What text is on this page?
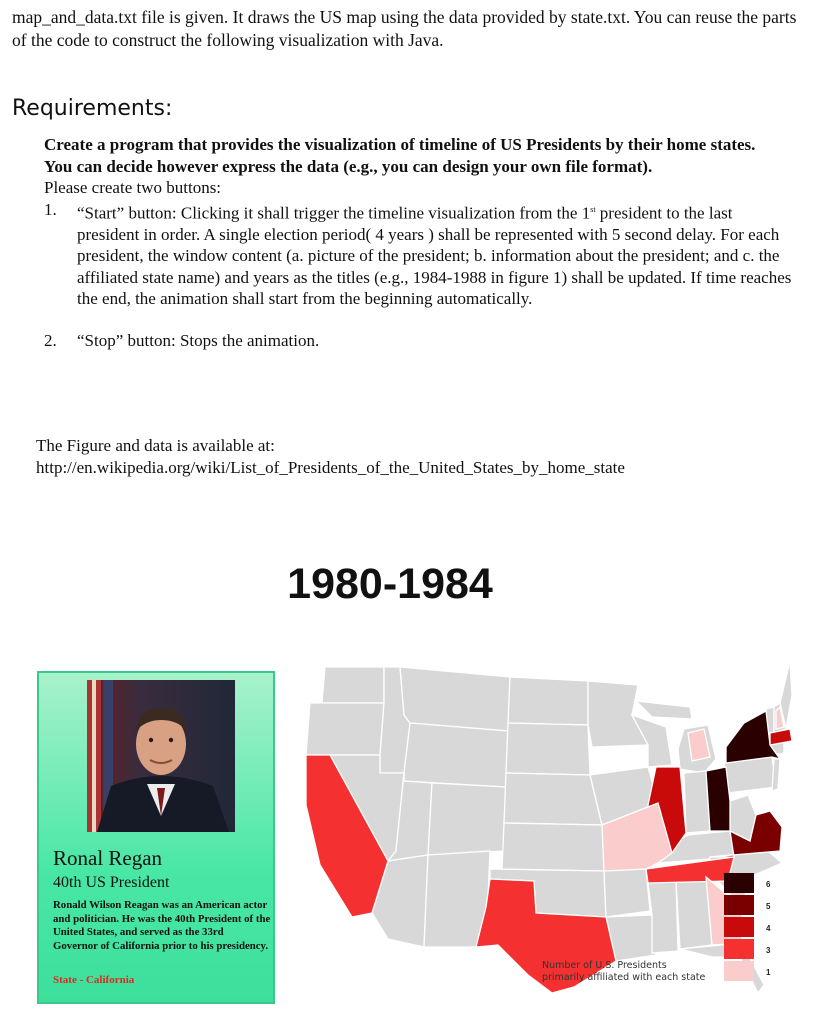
map_and_data.txt file is given. It draws the US map using the data provided by state.txt. You can reuse the parts of the code to construct the following visualization with Java.

Requirements:

Create a program that provides the visualization of timeline of US Presidents by their home states.

You can decide however express the data (e.g., you can design your own file format).

Please create two buttons:

1. “Start” button: Clicking it shall trigger the timeline visualization from the 1st president to the last president in order. A single election period( 4 years ) shall be represented with 5 second delay. For each president, the window content (a. picture of the president; b. information about the president; and c. the affiliated state name) and years as the titles (e.g., 1984-1988 in figure 1) shall be updated. If time reaches the end, the animation shall start from the beginning automatically.
2. “Stop” button: Stops the animation.

The Figure and data is available at:

http://en.wikipedia.org/wiki/List_of_Presidents_of_the_United_States_by_home_state

1980-1984
Ronal Regan
40th US President

Ronald Wilson Reagan was an American actor and politician. He was the 40th President of the United States, and served as the 33rd Governor of California prior to his presidency.

State - California
6
5
4
3
1
Number of U.S. Presidents
primarily affiliated with each state
